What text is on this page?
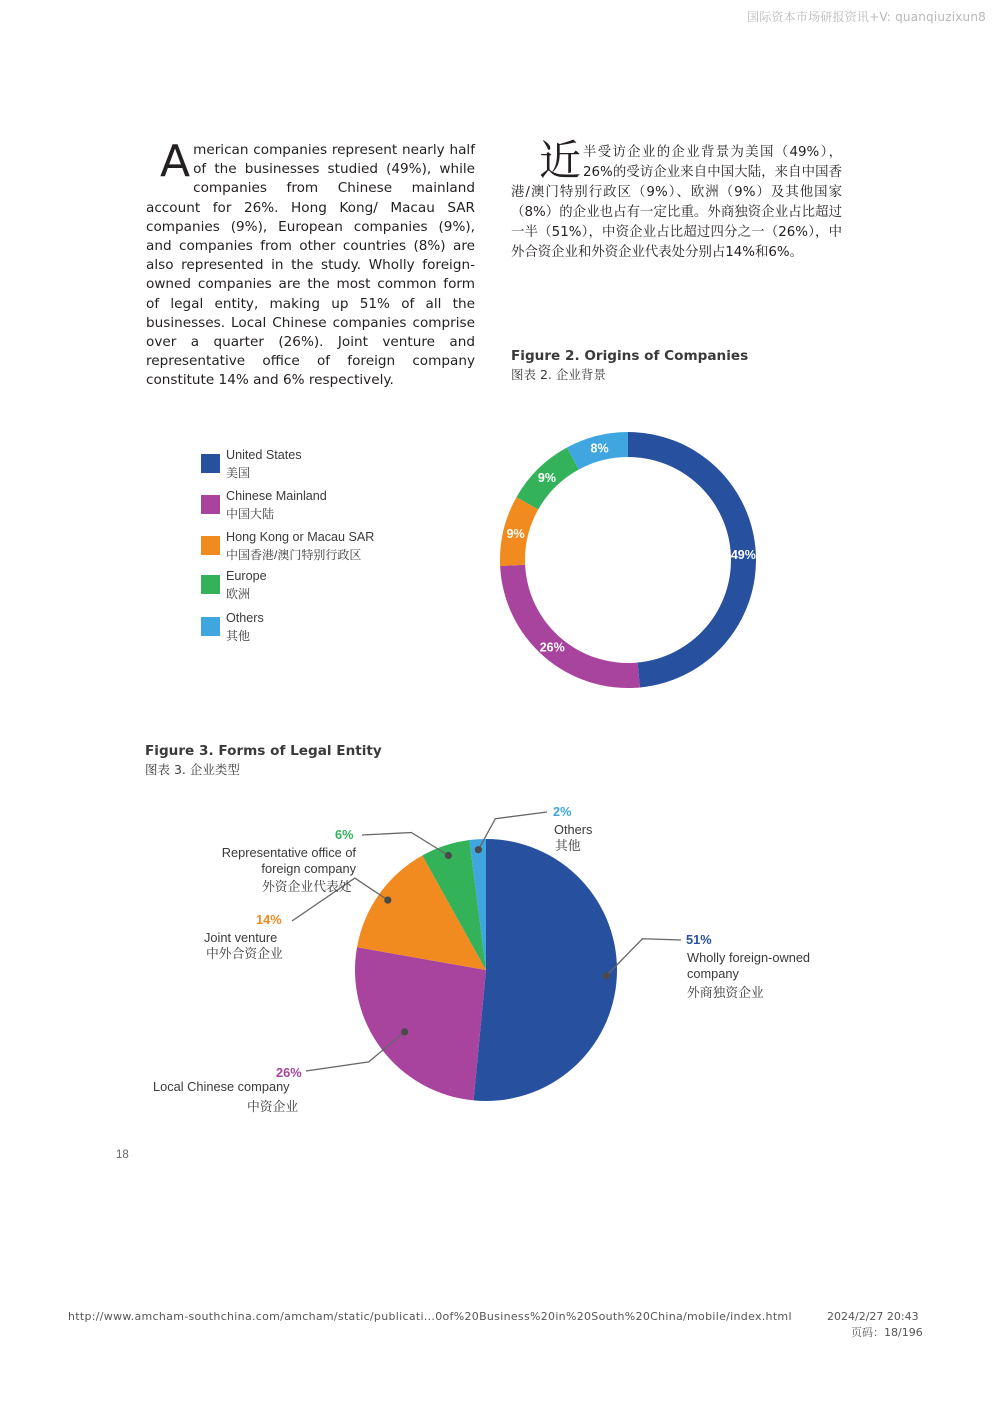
国际资本市场研报资讯+V: quanqiuzixun8
American companies represent nearly half of the businesses studied (49%), while companies from Chinese mainland account for 26%. Hong Kong/ Macau SAR companies (9%), European companies (9%), and companies from other countries (8%) are also represented in the study. Wholly foreign-owned companies are the most common form of legal entity, making up 51% of all the businesses. Local Chinese companies comprise over a quarter (26%). Joint venture and representative office of foreign company constitute 14% and 6% respectively.
近半受访企业的企业背景为美国（49%），26%的受访企业来自中国大陆，来自中国香港/澳门特别行政区（9%）、欧洲（9%）及其他国家（8%）的企业也占有一定比重。外商独资企业占比超过一半（51%），中资企业占比超过四分之一（26%），中外合资企业和外资企业代表处分别占14%和6%。
Figure 2. Origins of Companies
图表 2. 企业背景
United States
美国
Chinese Mainland
中国大陆
Hong Kong or Macau SAR
中国香港/澳门特别行政区
Europe
欧洲
Others
其他
49%
26%
9%
9%
8%
Figure 3. Forms of Legal Entity
图表 3. 企业类型
2%
Others
其他
6%
Representative office of foreign company
外资企业代表处
14%
Joint venture
中外合资企业
51%
Wholly foreign-owned company
外商独资企业
26%
Local Chinese company
中资企业
18
http://www.amcham-southchina.com/amcham/static/publicati...0of%20Business%20in%20South%20China/mobile/index.html	2024/2/27 20:43
页码：18/196
